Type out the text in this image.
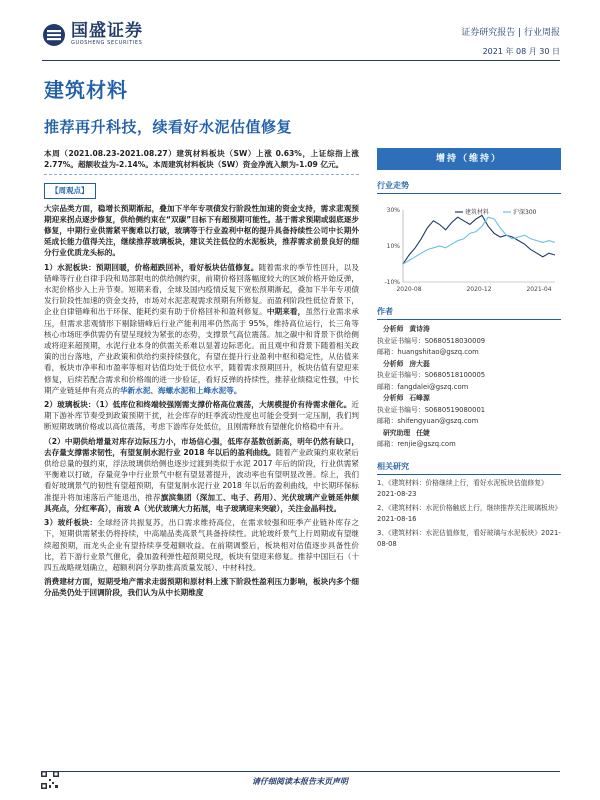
国盛证券
GUOSHENG SECURITIES
证券研究报告 | 行业周报
2021 年 08 月 30 日
建筑材料
推荐再升科技，续看好水泥估值修复

本周（2021.08.23-2021.08.27）建筑材料板块（SW）上涨 0.63%，上证综指上涨 2.77%。超额收益为-2.14%。本周建筑材料板块（SW）资金净流入额为-1.09 亿元。

【周观点】

大宗品类方面，稳增长预期渐起，叠加下半年专项债发行阶段性加速的资金支持，需求悲观预期迎来拐点逐步修复，供给侧约束在“双碳”目标下有超预期可能性。基于需求预期或弱底逐步修复，中期行业供需紧平衡难以打破，玻璃等于行业盈利中枢的提升具备持续性公司中长期外延成长能力值得关注，继续推荐玻璃板块，建议关注低位的水泥板块，推荐需求前景良好的细分行业优质龙头标的。

1）水泥板块：预期回暖，价格超跌回补，看好板块估值修复。随着需求的季节性回升，以及错峰等行业自律手段和局部限电的供给侧约束，前期价格回落幅度较大的区域价格开始反弹，水泥价格步入上升节奏。短期来看，全球及国内疫情反复下宽松预期渐起，叠加下半年专项债发行阶段性加速的资金支持，市场对水泥悲观需求预期有所修复。而盈利阶段性低位背景下，企业自律错峰和出于环保、能耗约束有助于价格回补和盈利修复。中期来看，虽然行业需求承压，但需求悲观情形下剔除错峰后行业产能利用率仍然高于 95%，维持高位运行，长三角等核心市场旺季供需仍有望呈现较为紧张的态势，支撑景气高位震荡。加之碳中和背景下供给侧或将迎来超预期，水泥行业本身的供需关系难以显著边际恶化。而且观中和背景下随着相关政策的出台落地，产业政策和供给约束持续强化，有望在提升行业盈利中枢和稳定性，从估值来看，板块市净率和市盈率等相对估值均处于低位水平，随着需求预期回升，板块估值有望迎来修复，后续若配合需求和价格端的进一步验证，看好反弹的持续性，推荐业绩稳定性强，中长期产业链延伸有亮点的华新水泥、海螺水泥和上峰水泥等。

2）玻璃板块：（1）低库位和终端较强刚需支撑价格高位震荡，大规模提价有待需求催化。近期下游补库节奏受到政策预期干扰，社会库存的旺季流动性度也可能会受到一定压制，我们判断短期玻璃价格或以高位震荡，考虑下游库存处低位，且刚需释放有望催化价格稳中有升。

（2）中期供给增量对库存边际压力小，市场信心强，低库存基数创新高，明年仍然有缺口，去存量支撑需求韧性，有望复制水泥行业 2018 年以后的盈利曲线。随着产业政策约束收紧后供给总量的强约束，浮法玻璃供给侧也逐步过渡到类似于水泥 2017 年后的阶段，行业供需紧平衡难以打破，存量竞争中行业景气中枢有望显著提升，波动率也有望明显改善。综上，我们看好玻璃景气的韧性有望超预期，有望复制水泥行业 2018 年以后的盈利曲线，中长期环保标准提升将加速落后产能退出，推荐旗滨集团（深加工、电子、药用）、光伏玻璃产业链延伸颇具亮点，分红率高），南玻 A（光伏玻璃大力拓展，电子玻璃迎来突破），关注金晶科技。

3）玻纤板块：全球经济共振复苏，出口需求维持高位，在需求较强和旺季产业链补库存之下，短期供需紧张仍将持续，中高端品类高景气具备持续性。此轮玻纤景气上行周期或有望继续超预期，而龙头企业有望持续享受超额收益。在前期调整后，板块相对估值逐步具备性价比，若下游行业景气催化，叠加盈利弹性超预期兑现，板块有望迎来修复。推荐中国巨石（十四五战略规划确立，超额利润分享助推高质量发展）、中材科技。

消费建材方面，短期受地产需求走弱预期和原材料上涨下阶段性盈利压力影响，板块内多个细分品类仍处于回调阶段，我们认为从中长期维度

增持（维持）
行业走势
30%
10%
-10%
2020-08	2020-12	2021-04
建筑材料	沪深300
作者
分析师 黄诗涛
执业证书编号：S0680518030009
邮箱：huangshitao@gszq.com
分析师 房大磊
执业证书编号：S0680518100005
邮箱：fangdalei@gszq.com
分析师 石峰源
执业证书编号：S0680519080001
邮箱：shifengyuan@gszq.com
研究助理 任婕
邮箱：renjie@gszq.com
相关研究
1、《建筑材料：价格继续上行，看好水泥板块估值修复》2021-08-23
2、《建筑材料：水泥价格触底上行，继续推荐关注玻璃板块》2021-08-16
3、《建筑材料：水泥估值修复，看好玻璃与水泥板块》2021-08-08
请仔细阅读本报告末页声明
